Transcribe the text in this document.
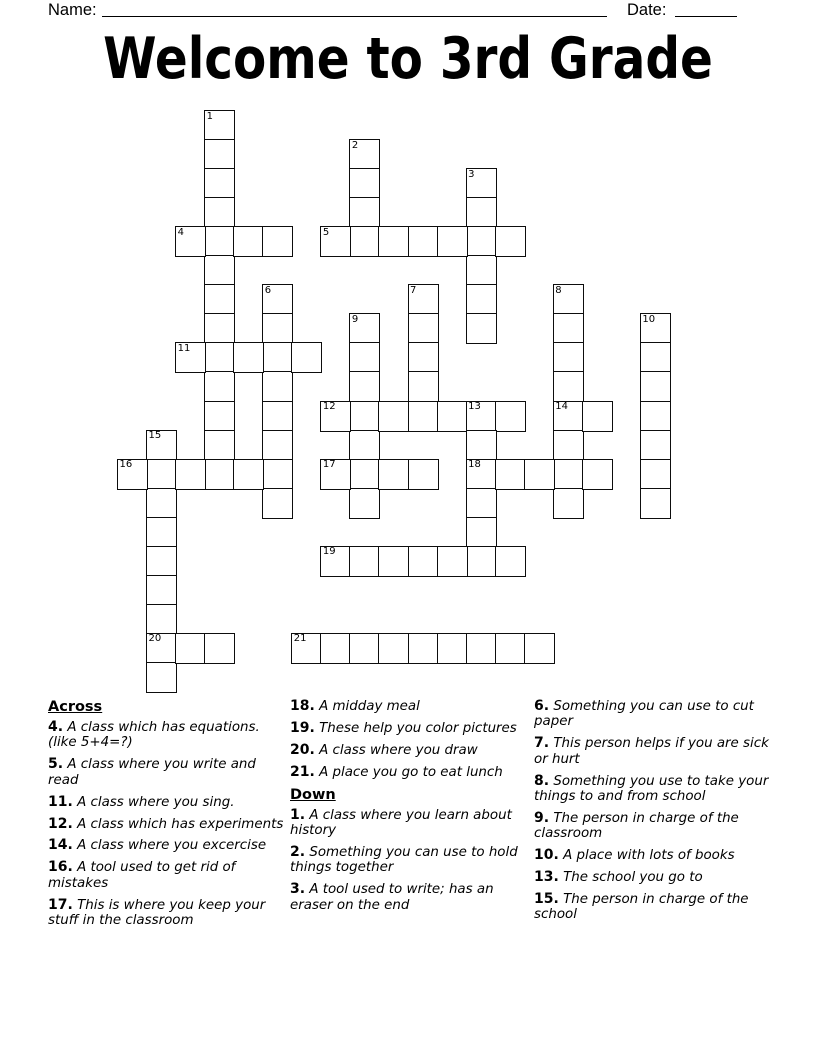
Name:	Date:
Welcome to 3rd Grade
1
2
3
4	5
6	7	8
14
9	10
11
12	13
18
15
20
16	17
19
21
Across
4. A class which has equations. (like 5+4=?)
5. A class where you write and read
11. A class where you sing.
12. A class which has experiments
14. A class where you excercise
16. A tool used to get rid of mistakes
17. This is where you keep your stuff in the classroom
18. A midday meal
19. These help you color pictures
20. A class where you draw
21. A place you go to eat lunch
Down
1. A class where you learn about history
2. Something you can use to hold things together
3. A tool used to write; has an eraser on the end
6. Something you can use to cut paper
7. This person helps if you are sick or hurt
8. Something you use to take your things to and from school
9. The person in charge of the classroom
10. A place with lots of books
13. The school you go to
15. The person in charge of the school
